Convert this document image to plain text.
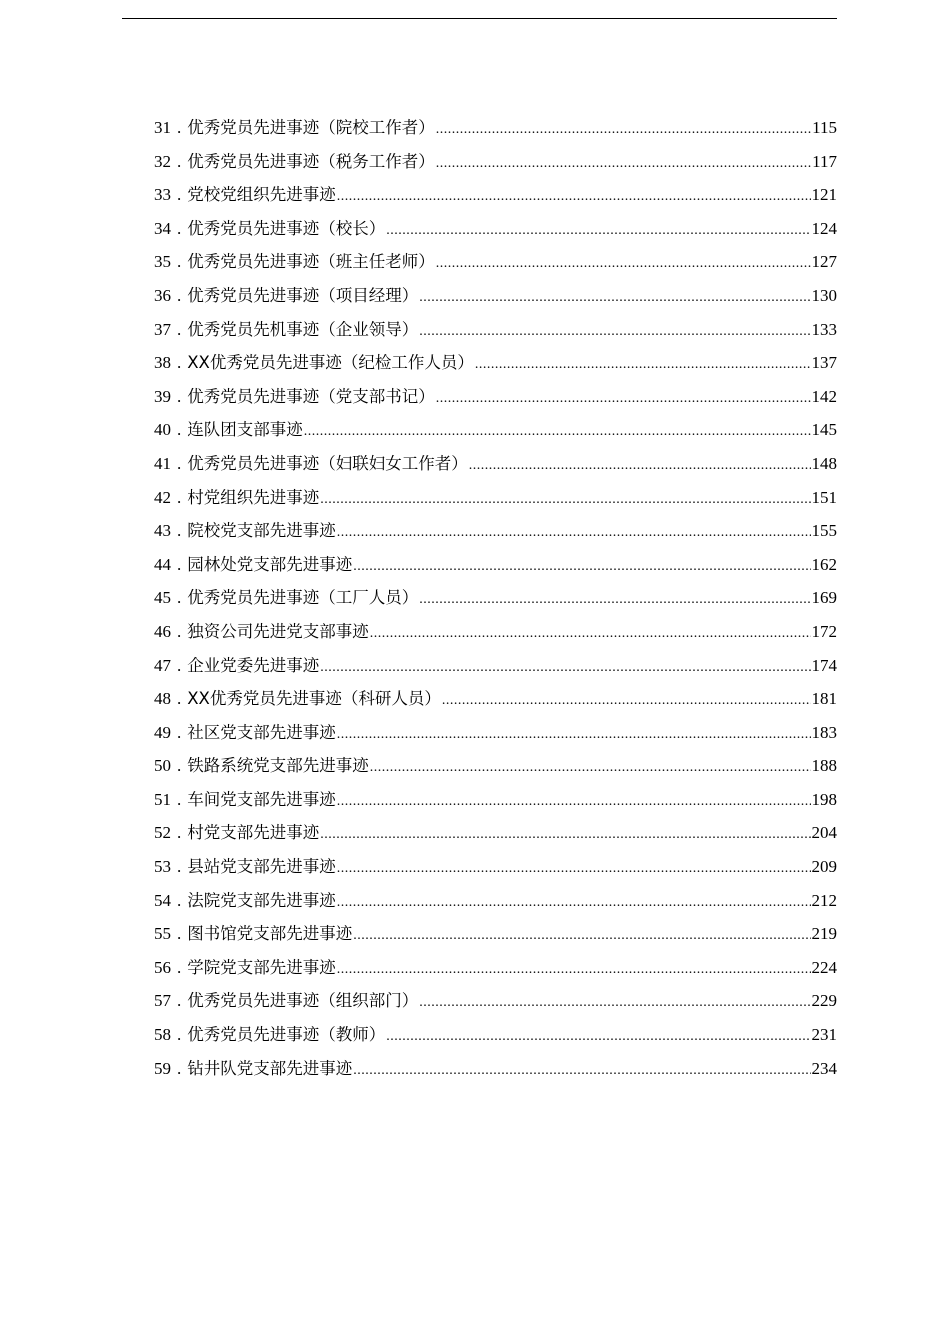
31 . 优秀党员先进事迹（院校工作者） .....	115
32 . 优秀党员先进事迹（税务工作者） .....	117
33 . 党校党组织先进事迹 .....	121
34 . 优秀党员先进事迹（校长） .....	124
35 . 优秀党员先进事迹（班主任老师） .....	127
36 . 优秀党员先进事迹（项目经理） .....	130
37 . 优秀党员先机事迹（企业领导） .....	133
38 . XX优秀党员先进事迹（纪检工作人员） .....	137
39 . 优秀党员先进事迹（党支部书记） .....	142
40 . 连队团支部事迹 .....	145
41 . 优秀党员先进事迹（妇联妇女工作者） .....	148
42 . 村党组织先进事迹 .....	151
43 . 院校党支部先进事迹 .....	155
44 . 园林处党支部先进事迹 .....	162
45 . 优秀党员先进事迹（工厂人员） .....	169
46 . 独资公司先进党支部事迹 .....	172
47 . 企业党委先进事迹 .....	174
48 . XX优秀党员先进事迹（科研人员） .....	181
49 . 社区党支部先进事迹 .....	183
50 . 铁路系统党支部先进事迹 .....	188
51 . 车间党支部先进事迹 .....	198
52 . 村党支部先进事迹 .....	204
53 . 县站党支部先进事迹 .....	209
54 . 法院党支部先进事迹 .....	212
55 . 图书馆党支部先进事迹 .....	219
56 . 学院党支部先进事迹 .....	224
57 . 优秀党员先进事迹（组织部门） .....	229
58 . 优秀党员先进事迹（教师） .....	231
59 . 钻井队党支部先进事迹 .....	234
